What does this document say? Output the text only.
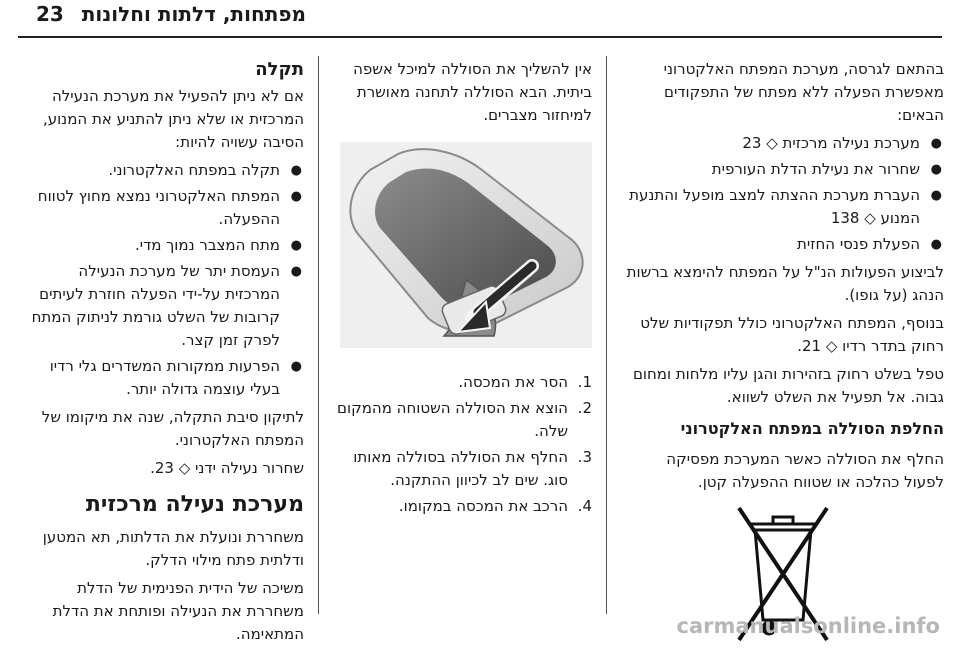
מפתחות, דלתות וחלונות
23

בהתאם לגרסה, מערכת המפתח האלקטרוני מאפשרת הפעלה ללא מפתח של התפקודים הבאים:

● מערכת נעילה מרכזית ◇ 23
● שחרור את נעילת הדלת העורפית
● העברת מערכת ההצתה למצב מופעל והתנעת המנוע ◇ 138
● הפעלת פנסי החזית

לביצוע הפעולות הנ"ל על המפתח להימצא ברשות הנהג (על גופו).

בנוסף, המפתח האלקטרוני כולל תפקודיות שלט רחוק בתדר רדיו ◇ 21.

טפל בשלט רחוק בזהירות והגן עליו מלחות ומחום גבוה. אל תפעיל את השלט לשווא.

החלפת הסוללה במפתח האלקטרוני

החלף את הסוללה כאשר המערכת מפסיקה לפעול כהלכה או שטווח ההפעלה קטן.

אין להשליך את הסוללה למיכל אשפה ביתית. הבא הסוללה לתחנה מאושרת למיחזור מצברים.

1.
הסר את המכסה.
2.
הוצא את הסוללה השטוחה מהמקום שלה.
3.
החלף את הסוללה בסוללה מאותו סוג. שים לב לכיוון ההתקנה.
4.
הרכב את המכסה במקומו.
תקלה

אם לא ניתן להפעיל את מערכת הנעילה המרכזית או שלא ניתן להתניע את המנוע, הסיבה עשויה להיות:

● תקלה במפתח האלקטרוני.
● המפתח האלקטרוני נמצא מחוץ לטווח ההפעלה.
● מתח המצבר נמוך מדי.
● העמסת יתר של מערכת הנעילה המרכזית על-ידי הפעלה חוזרת לעיתים קרובות של השלט גורמת לניתוק המתח לפרק זמן קצר.
● הפרעות ממקורות המשדרים גלי רדיו בעלי עוצמה גדולה יותר.

לתיקון סיבת התקלה, שנה את מיקומו של המפתח האלקטרוני.

שחרור נעילה ידני ◇ 23.

מערכת נעילה מרכזית

משחררת ונועלת את הדלתות, תא המטען ודלתית פתח מילוי הדלק.

משיכה של הידית הפנימית של הדלת משחררת את הנעילה ופותחת את הדלת המתאימה.	carmanualsonline.info
